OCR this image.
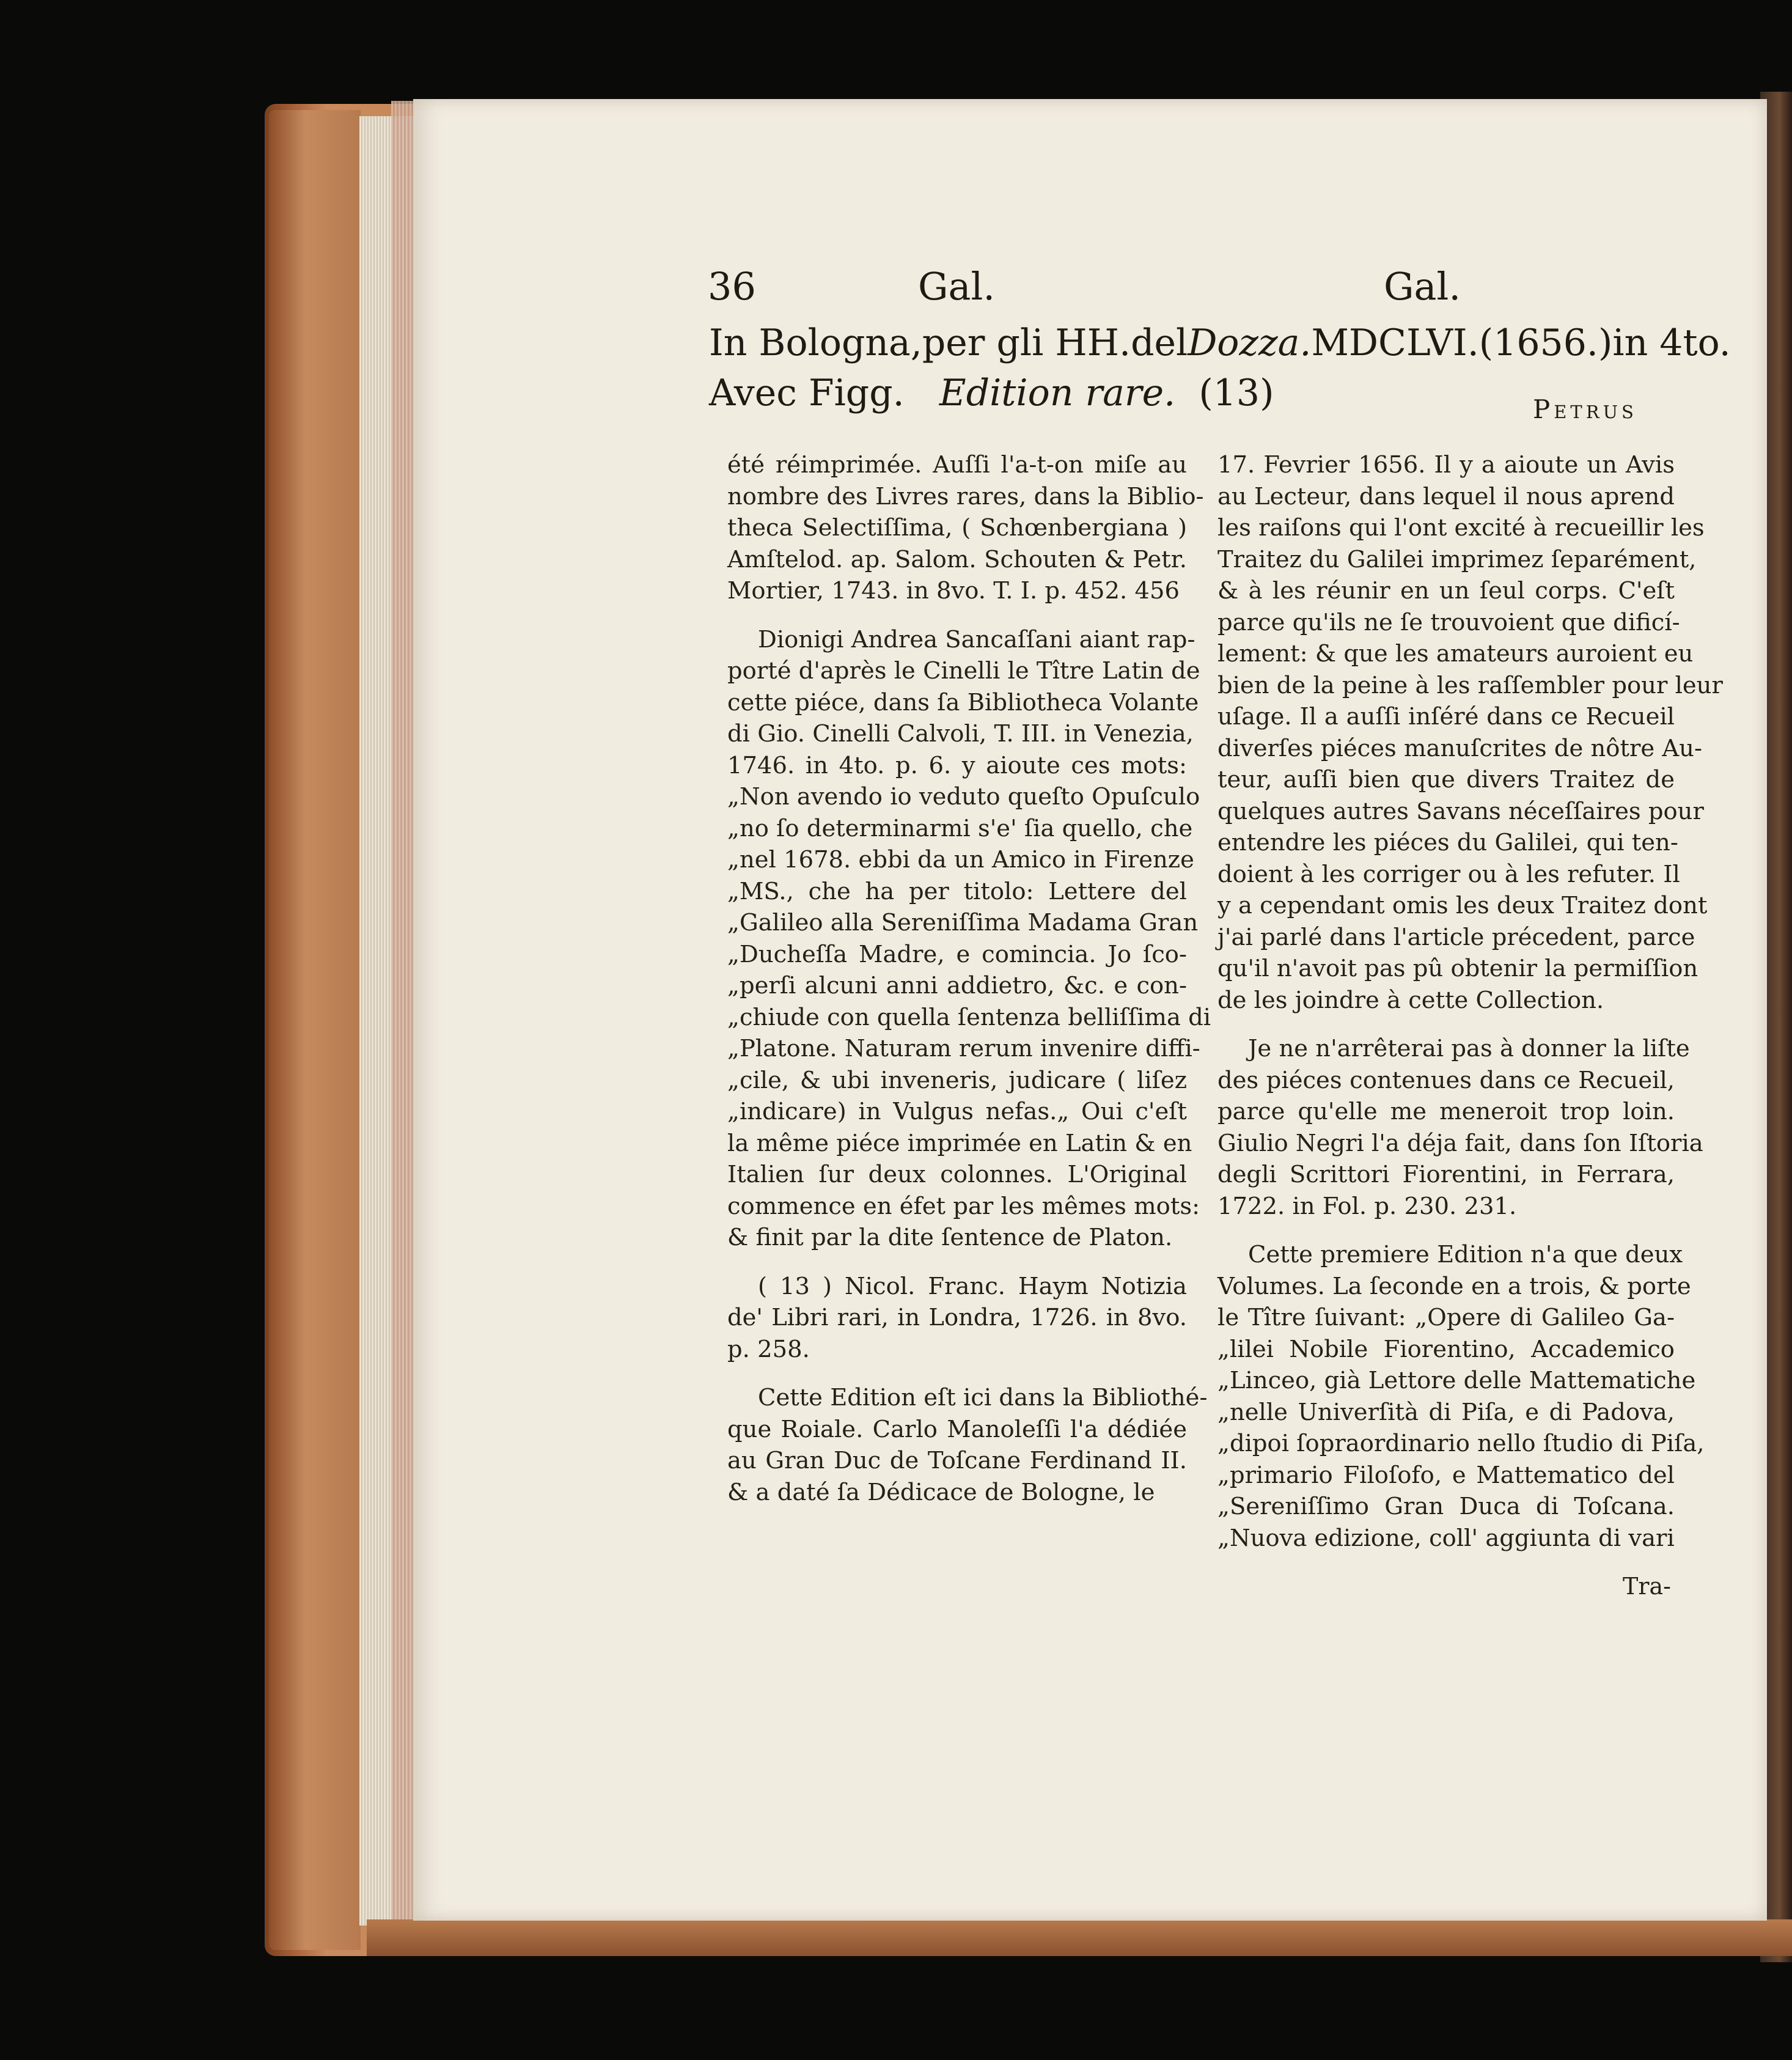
36	Gal.	Gal.
In Bologna, per gli HH. del Dozza. MDCLVI. (1656.) in 4to.
Avec Figg. Edition rare. (13)	Petrus

été réimprimée. Auſſi l'a-t-on miſe au
nombre des Livres rares, dans la Biblio-
theca Selectiſſima, ( Schœnbergiana )
Amſtelod. ap. Salom. Schouten & Petr.
Mortier, 1743. in 8vo. T. I. p. 452. 456

Dionigi Andrea Sancaſſani aiant rap-
porté d'après le Cinelli le Tître Latin de
cette piéce, dans ſa Bibliotheca Volante
di Gio. Cinelli Calvoli, T. III. in Venezia,
1746. in 4to. p. 6. y aioute ces mots:
„Non avendo io veduto queſto Opuſculo
„no ſo determinarmi s'e' ſia quello, che
„nel 1678. ebbi da un Amico in Firenze
„MS., che ha per titolo: Lettere del
„Galileo alla Sereniſſima Madama Gran
„Ducheſſa Madre, e comincia. Jo ſco-
„perſi alcuni anni addietro, &c. e con-
„chiude con quella ſentenza belliſſima di
„Platone. Naturam rerum invenire diffi-
„cile, & ubi inveneris, judicare ( liſez
„indicare) in Vulgus nefas.„ Oui c'eſt
la même piéce imprimée en Latin & en
Italien ſur deux colonnes. L'Original
commence en éfet par les mêmes mots:
& finit par la dite ſentence de Platon.

( 13 ) Nicol. Franc. Haym Notizia
de' Libri rari, in Londra, 1726. in 8vo.
p. 258.

Cette Edition eſt ici dans la Bibliothé-
que Roiale. Carlo Manoleſſi l'a dédiée
au Gran Duc de Toſcane Ferdinand II.
& a daté ſa Dédicace de Bologne, le

17. Fevrier 1656. Il y a aioute un Avis
au Lecteur, dans lequel il nous aprend
les raiſons qui l'ont excité à recueillir les
Traitez du Galilei imprimez ſeparément,
& à les réunir en un ſeul corps. C'eſt
parce qu'ils ne ſe trouvoient que dificí-
lement: & que les amateurs auroient eu
bien de la peine à les raſſembler pour leur
uſage. Il a auſſi inſéré dans ce Recueil
diverſes piéces manuſcrites de nôtre Au-
teur, auſſi bien que divers Traitez de
quelques autres Savans néceſſaires pour
entendre les piéces du Galilei, qui ten-
doient à les corriger ou à les refuter. Il
y a cependant omis les deux Traitez dont
j'ai parlé dans l'article précedent, parce
qu'il n'avoit pas pû obtenir la permiſſion
de les joindre à cette Collection.

Je ne n'arrêterai pas à donner la liſte
des piéces contenues dans ce Recueil,
parce qu'elle me meneroit trop loin.
Giulio Negri l'a déja fait, dans ſon Iſtoria
degli Scrittori Fiorentini, in Ferrara,
1722. in Fol. p. 230. 231.

Cette premiere Edition n'a que deux
Volumes. La ſeconde en a trois, & porte
le Tître ſuivant: „Opere di Galileo Ga-
„lilei Nobile Fiorentino, Accademico
„Linceo, già Lettore delle Mattematiche
„nelle Univerſità di Piſa, e di Padova,
„dipoi ſopraordinario nello ſtudio di Piſa,
„primario Filoſofo, e Mattematico del
„Sereniſſimo Gran Duca di Toſcana.
„Nuova edizione, coll' aggiunta di vari

Tra-
